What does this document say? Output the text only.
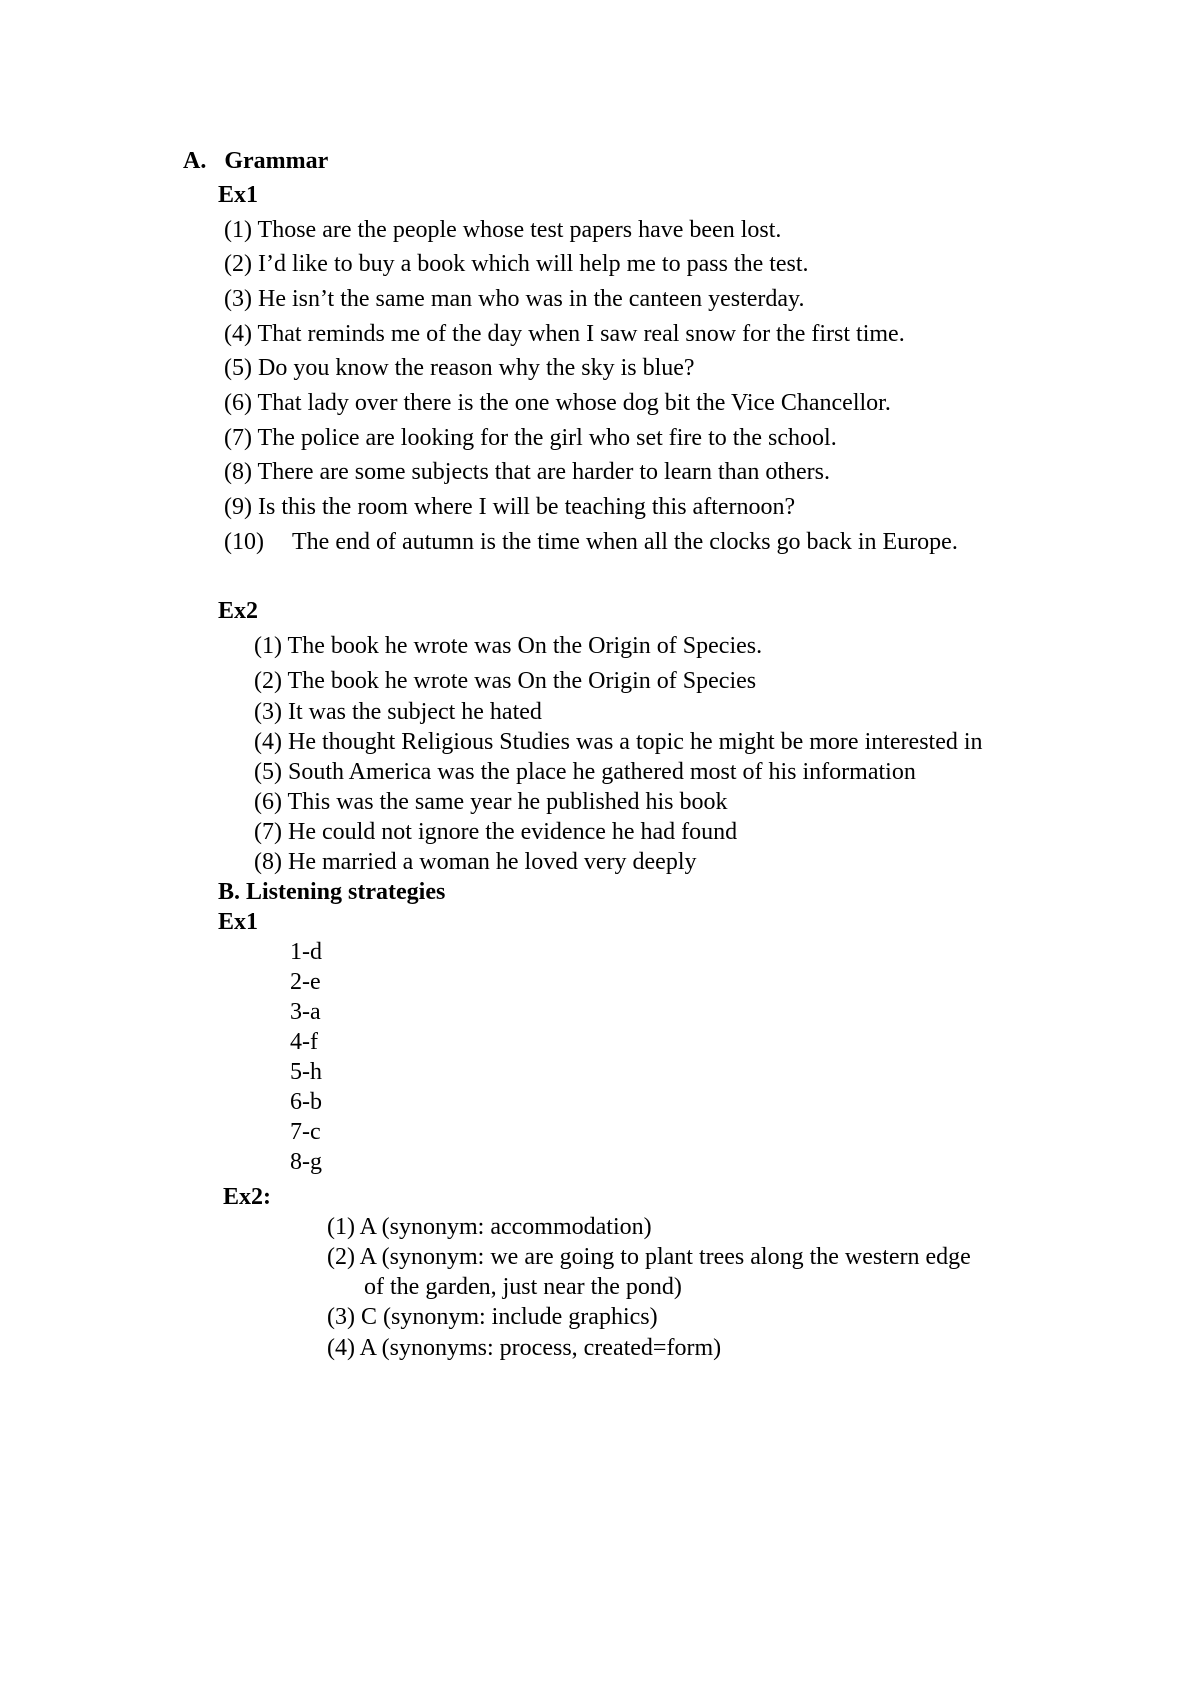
A. Grammar
Ex1
(1) Those are the people whose test papers have been lost.
(2) I’d like to buy a book which will help me to pass the test.
(3) He isn’t the same man who was in the canteen yesterday.
(4) That reminds me of the day when I saw real snow for the first time.
(5) Do you know the reason why the sky is blue?
(6) That lady over there is the one whose dog bit the Vice Chancellor.
(7) The police are looking for the girl who set fire to the school.
(8) There are some subjects that are harder to learn than others.
(9) Is this the room where I will be teaching this afternoon?
(10) The end of autumn is the time when all the clocks go back in Europe.
Ex2
(1) The book he wrote was On the Origin of Species.
(2) The book he wrote was On the Origin of Species
(3) It was the subject he hated
(4) He thought Religious Studies was a topic he might be more interested in
(5) South America was the place he gathered most of his information
(6) This was the same year he published his book
(7) He could not ignore the evidence he had found
(8) He married a woman he loved very deeply
B. Listening strategies
Ex1
1-d
2-e
3-a
4-f
5-h
6-b
7-c
8-g
Ex2:
(1) A (synonym: accommodation)
(2) A (synonym: we are going to plant trees along the western edge
of the garden, just near the pond)
(3) C (synonym: include graphics)
(4) A (synonyms: process, created=form)
